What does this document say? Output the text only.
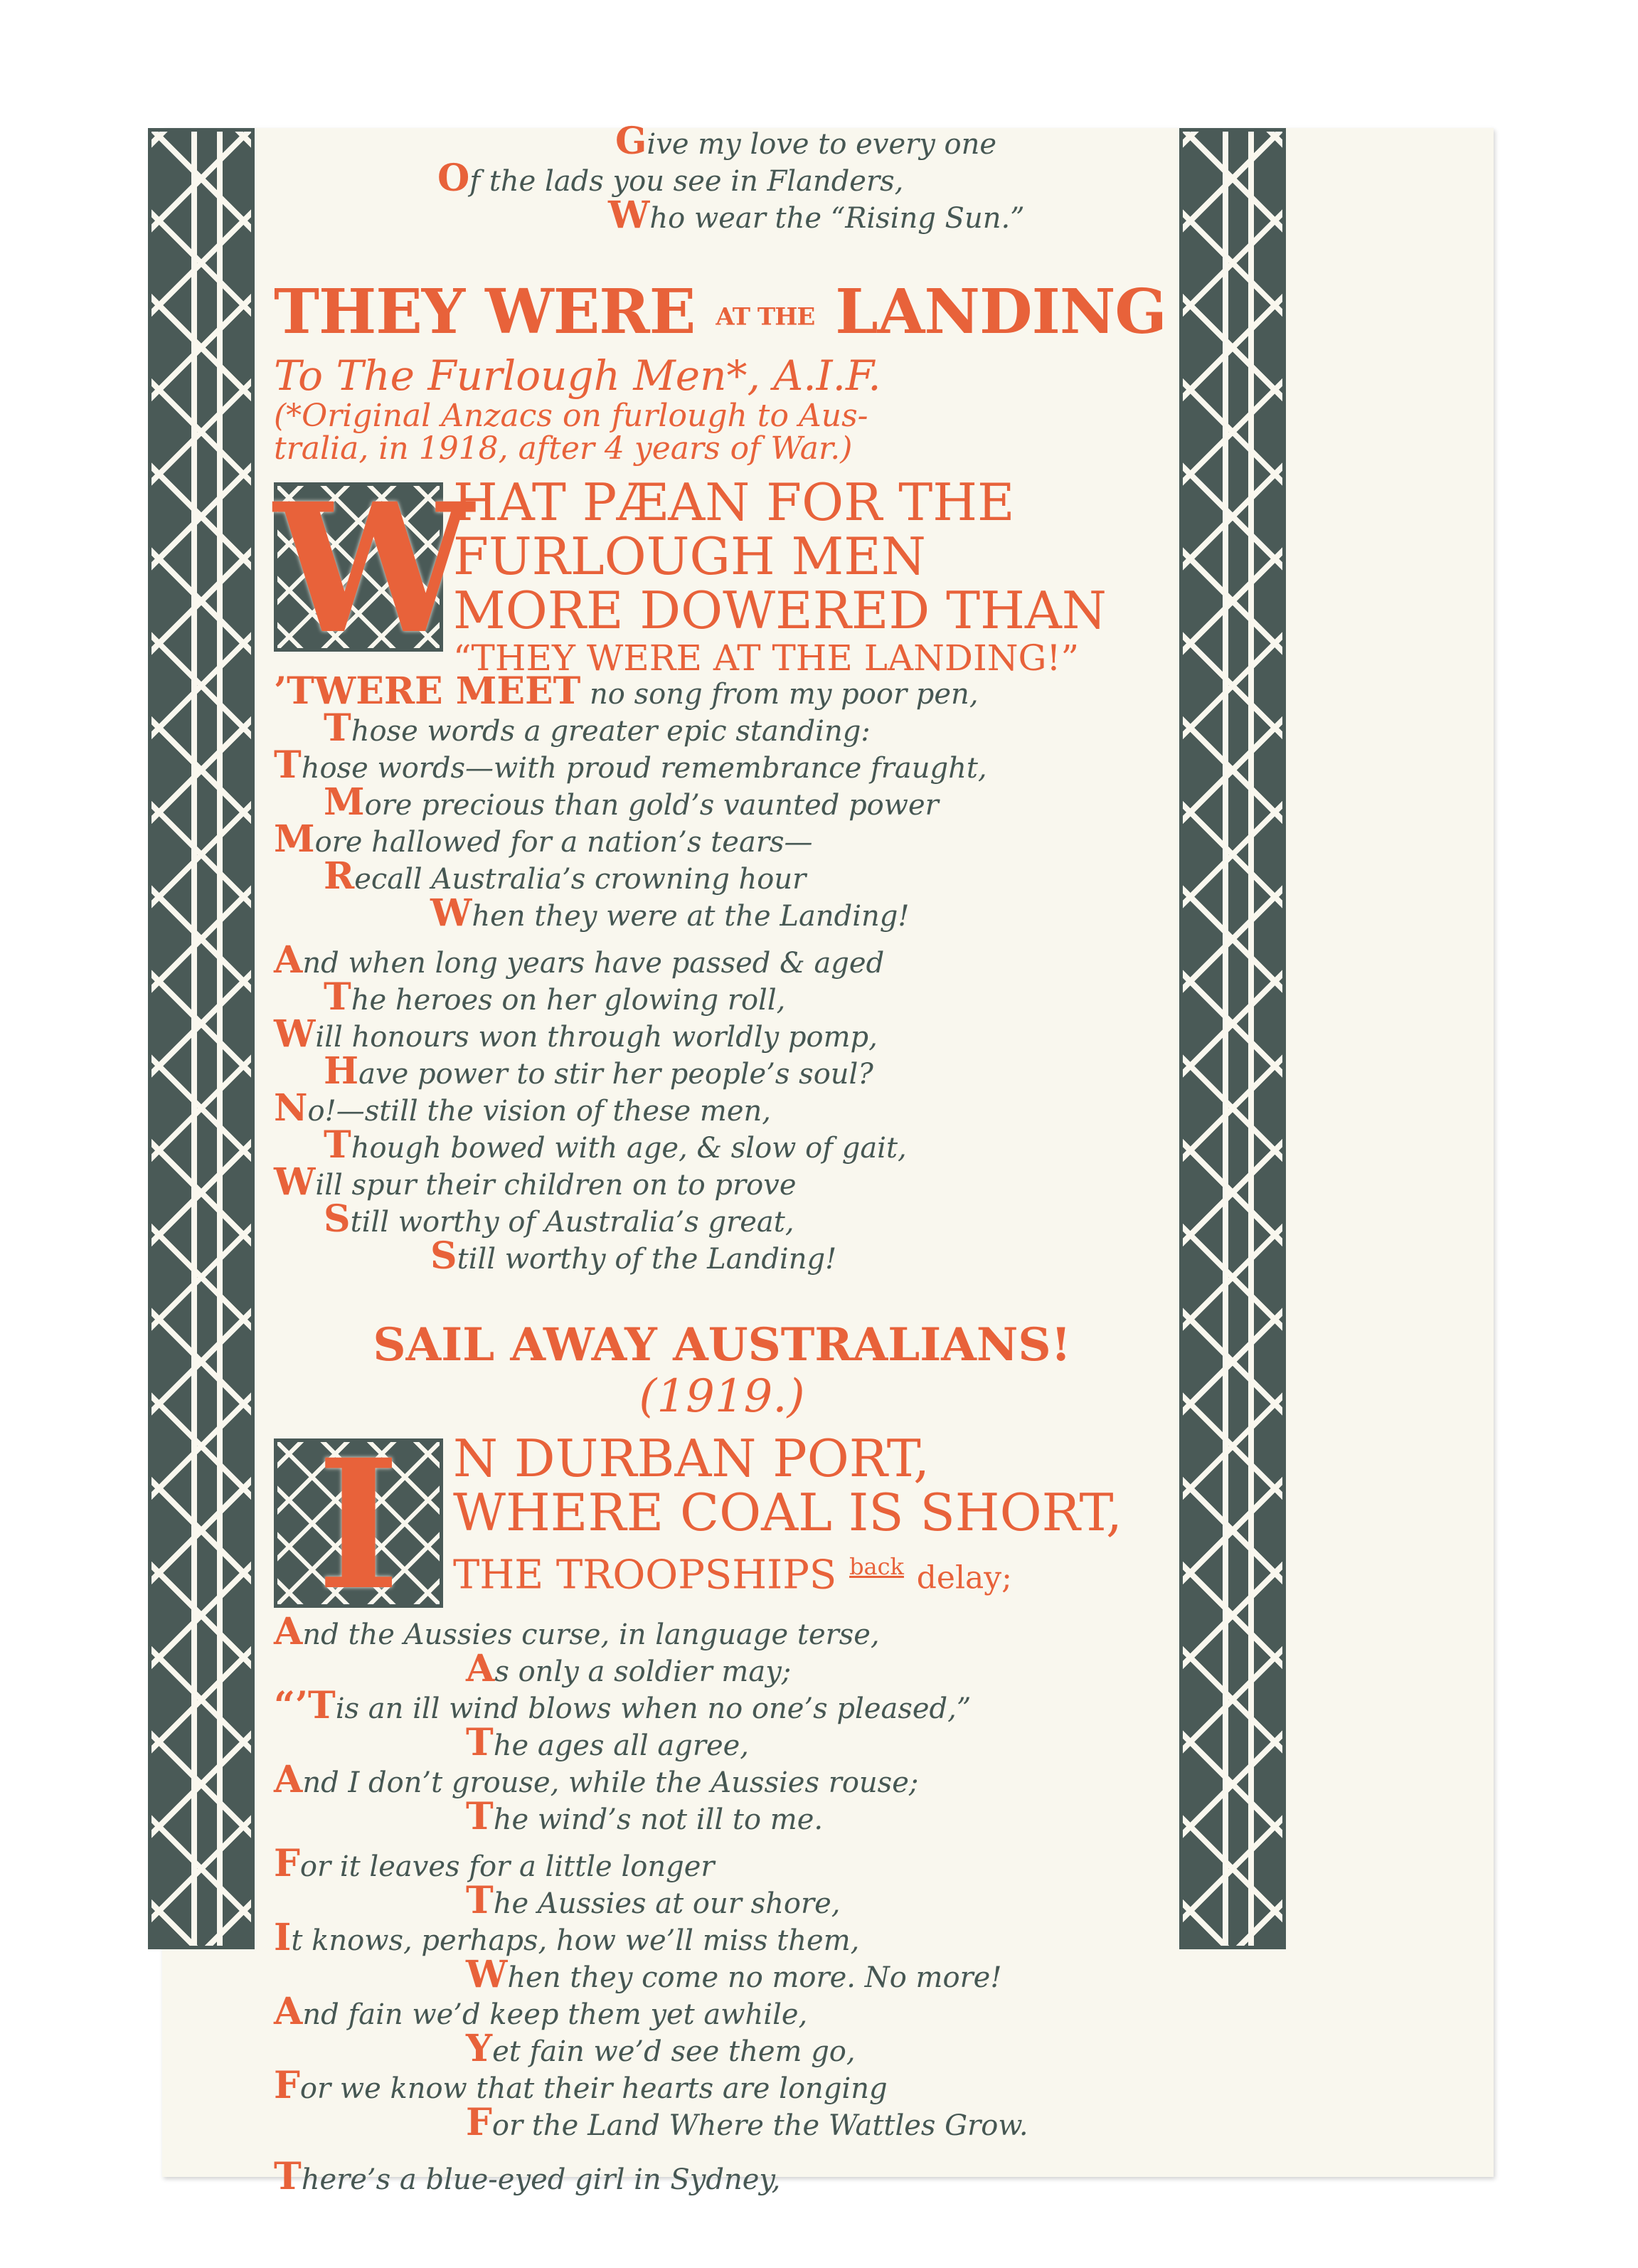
Give my love to every one
Of the lads you see in Flanders,
Who wear the “Rising Sun.”
THEY WERE AT THE LANDING
To The Furlough Men*, A.I.F.
(*Original Anzacs on furlough to Aus-
tralia, in 1918, after 4 years of War.)
W
HAT PÆAN FOR THE
FURLOUGH MEN
MORE DOWERED THAN
“THEY WERE AT THE LANDING!”
’TWERE MEET no song from my poor pen,
Those words a greater epic standing:
Those words—with proud remembrance fraught,
More precious than gold’s vaunted power
More hallowed for a nation’s tears—
Recall Australia’s crowning hour
When they were at the Landing!
And when long years have passed & aged
The heroes on her glowing roll,
Will honours won through worldly pomp,
Have power to stir her people’s soul?
No!—still the vision of these men,
Though bowed with age, & slow of gait,
Will spur their children on to prove
Still worthy of Australia’s great,
Still worthy of the Landing!
SAIL AWAY AUSTRALIANS!
(1919.)
I	N DURBAN PORT,
WHERE COAL IS SHORT,
THE TROOPSHIPS $^{back}$ delay;
And the Aussies curse, in language terse,
As only a soldier may;
“’Tis an ill wind blows when no one’s pleased,”
The ages all agree,
And I don’t grouse, while the Aussies rouse;
The wind’s not ill to me.
For it leaves for a little longer
The Aussies at our shore,
It knows, perhaps, how we’ll miss them,
When they come no more. No more!
And fain we’d keep them yet awhile,
Yet fain we’d see them go,
For we know that their hearts are longing
For the Land Where the Wattles Grow.
There’s a blue-eyed girl in Sydney,
